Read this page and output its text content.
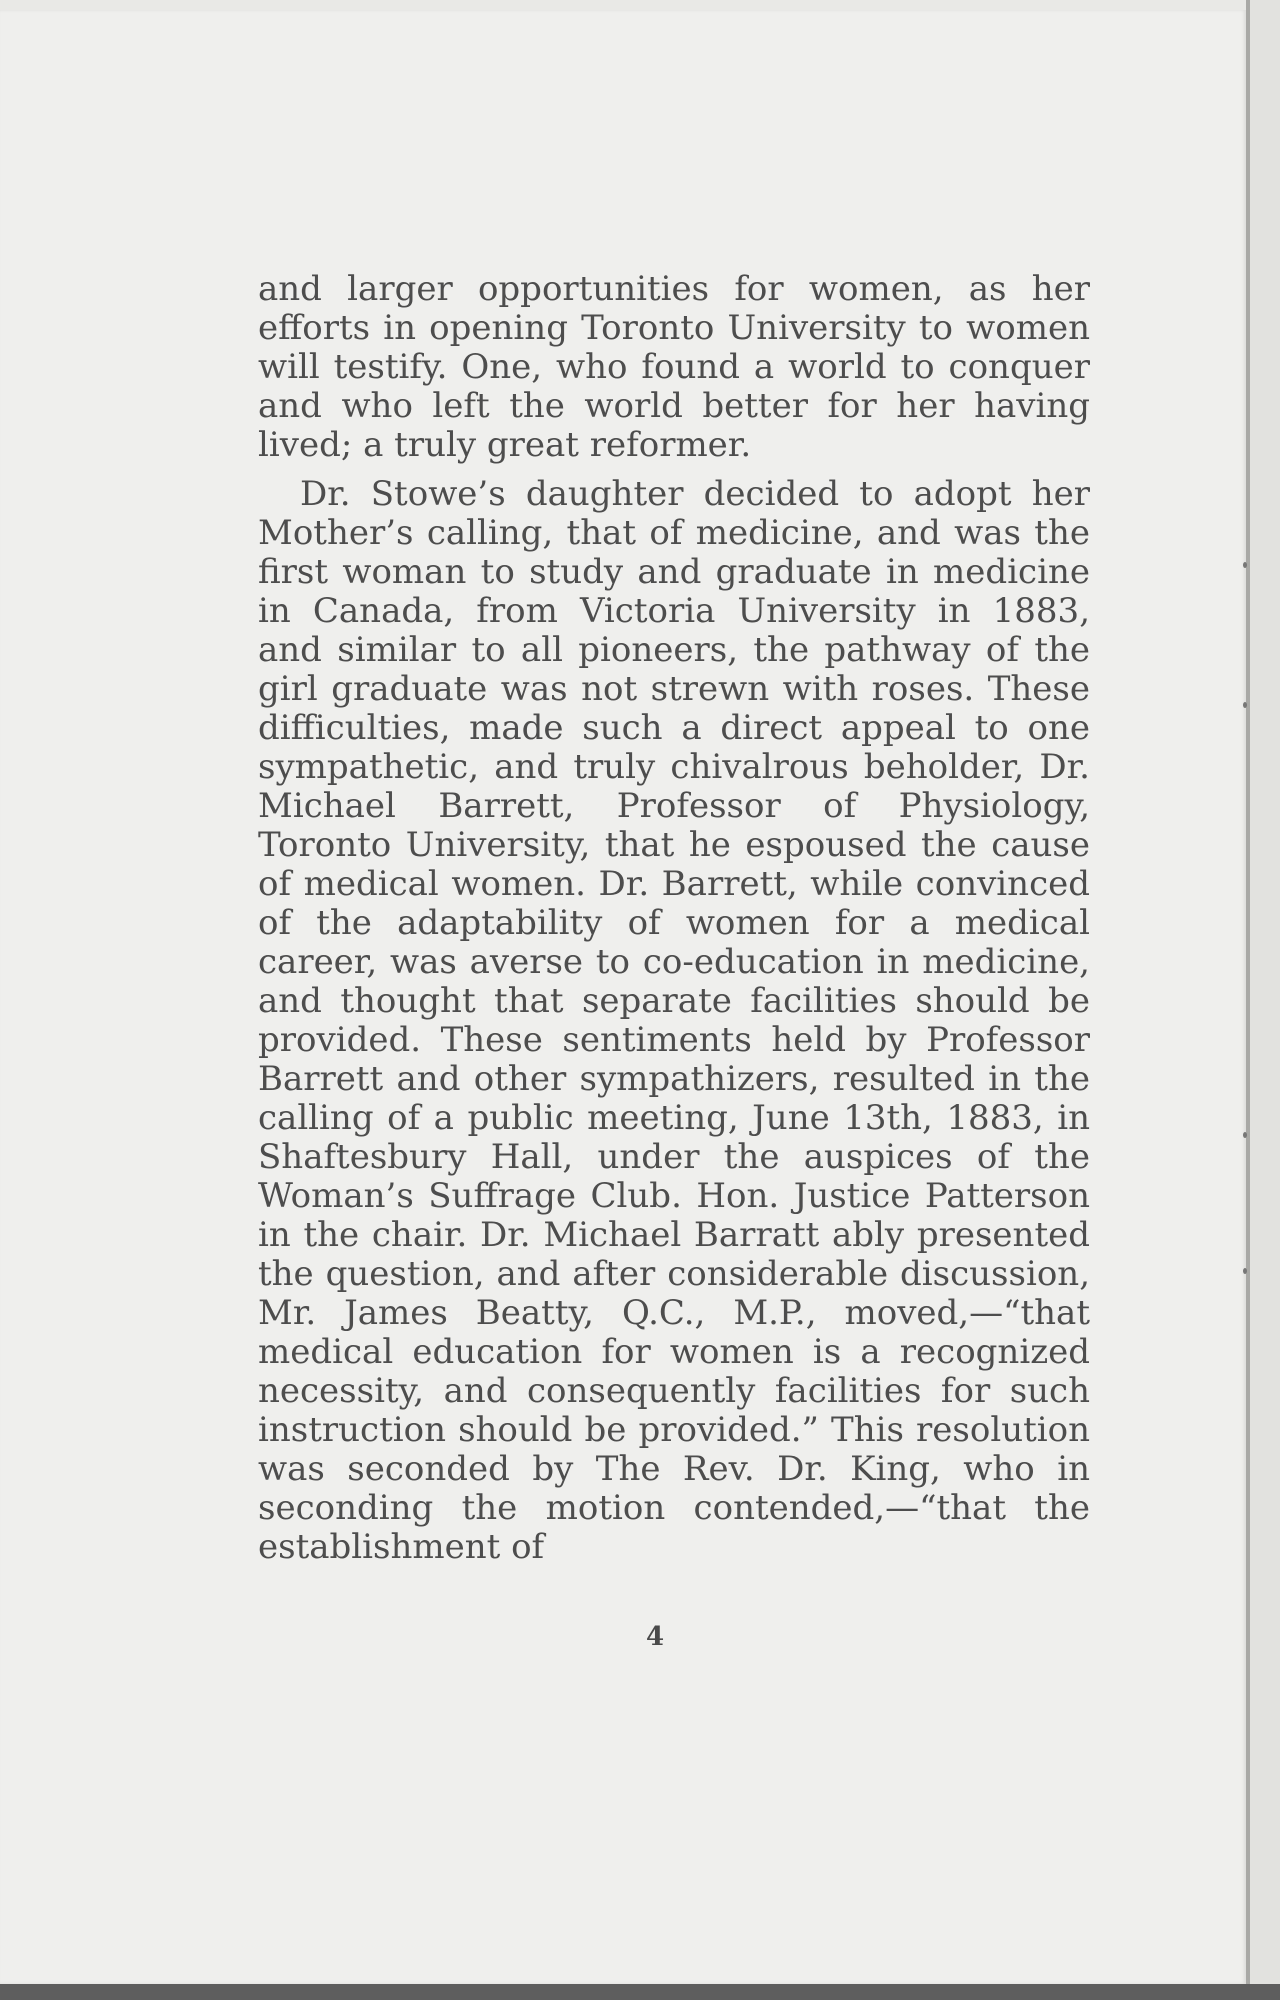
and larger opportunities for women, as her efforts in opening Toronto University to women will testify. One, who found a world to conquer and who left the world better for her having lived; a truly great reformer.

Dr. Stowe’s daughter decided to adopt her Mother’s calling, that of medicine, and was the first woman to study and graduate in medicine in Canada, from Victoria University in 1883, and similar to all pioneers, the pathway of the girl graduate was not strewn with roses. These difficulties, made such a direct appeal to one sympathetic, and truly chivalrous beholder, Dr. Michael Barrett, Professor of Physiology, Toronto University, that he espoused the cause of medical women. Dr. Barrett, while convinced of the adaptability of women for a medical career, was averse to co-education in medicine, and thought that separate facilities should be provided. These sentiments held by Professor Barrett and other sympathizers, resulted in the calling of a public meeting, June 13th, 1883, in Shaftesbury Hall, under the auspices of the Woman’s Suffrage Club. Hon. Justice Patterson in the chair. Dr. Michael Barratt ably presented the question, and after considerable discussion, Mr. James Beatty, Q.C., M.P., moved,—“that medical education for women is a recognized necessity, and consequently facilities for such instruction should be provided.” This resolution was seconded by The Rev. Dr. King, who in seconding the motion contended,—“that the establishment of

4
